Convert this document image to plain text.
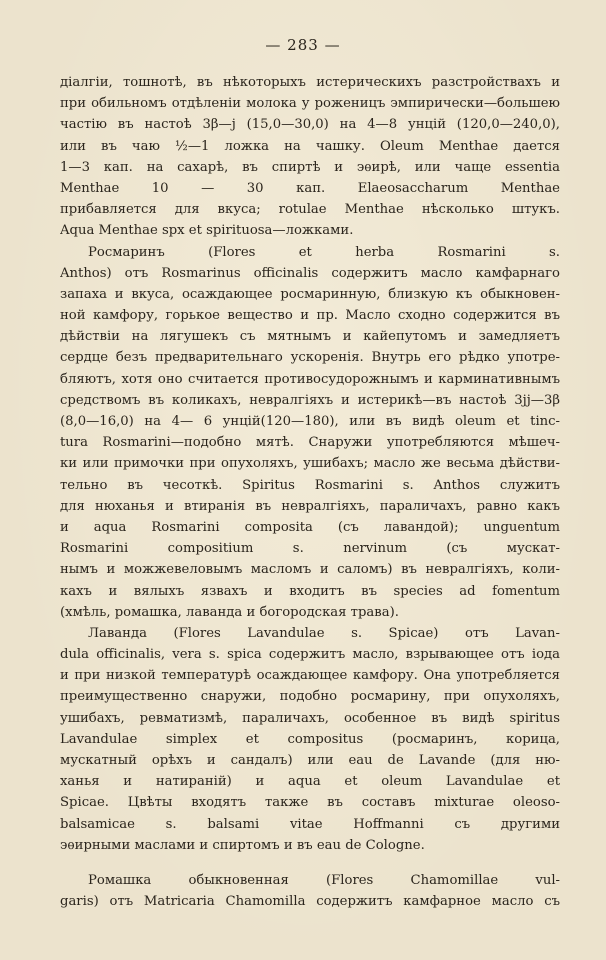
— 283 —

діалгіи, тошнотѣ, въ нѣкоторыхъ истерическихъ разстройствахъ и
при обильномъ отдѣленіи молока у роженицъ эмпирически—большею
частію въ настоѣ 3β—j (15,0—30,0) на 4—8 унцій (120,0—240,0),
или въ чаю ½—1 ложка на чашку. Oleum Menthae дается
1—3 кап. на сахарѣ, въ спиртѣ и эѳирѣ, или чаще essentia
Menthae 10 — 30 кап. Elaeosaccharum Menthae
прибавляется для вкуса; rotulae Menthae нѣсколько штукъ.
Aqua Menthae spx et spirituosa—ложками.

Росмаринъ (Flores et herba Rosmarini s.
Anthos) отъ Rosmarinus officinalis содержитъ масло камфарнаго
запаха и вкуса, осаждающее росмаринную, близкую къ обыкновен-
ной камфору, горькое вещество и пр. Масло сходно содержится въ
дѣйствіи на лягушекъ съ мятнымъ и кайепутомъ и замедляетъ
сердце безъ предварительнаго ускоренія. Внутрь его рѣдко употре-
бляютъ, хотя оно считается противосудорожнымъ и карминативнымъ
средствомъ въ коликахъ, невралгіяхъ и истерикѣ—въ настоѣ 3jj—3β
(8,0—16,0) на 4— 6 унцій(120—180), или въ видѣ oleum et tinc-
tura Rosmarini—подобно мятѣ. Снаружи употребляются мѣшеч-
ки или примочки при опухоляхъ, ушибахъ; масло же весьма дѣйстви-
тельно въ чесоткѣ. Spiritus Rosmarini s. Anthos служитъ
для нюханья и втиранія въ невралгіяхъ, параличахъ, равно какъ
и aqua Rosmarini composita (съ лавандой); unguentum
Rosmarini compositium s. nervinum (съ мускат-
нымъ и можжевеловымъ масломъ и саломъ) въ невралгіяхъ, коли-
кахъ и вялыхъ язвахъ и входитъ въ species ad fomentum
(хмѣль, ромашка, лаванда и богородская трава).

Лаванда (Flores Lavandulae s. Spicae) отъ Lavan-
dula officinalis, vera s. spica содержитъ масло, взрывающее отъ іода
и при низкой температурѣ осаждающее камфору. Она употребляется
преимущественно снаружи, подобно росмарину, при опухоляхъ,
ушибахъ, ревматизмѣ, параличахъ, особенное въ видѣ spiritus
Lavandulae simplex et compositus (росмаринъ, корица,
мускатный орѣхъ и сандалъ) или eau de Lavande (для ню-
ханья и натираній) и aqua et oleum Lavandulae et
Spicae. Цвѣты входятъ также въ составъ mixturae oleoso-
balsamicae s. balsami vitae Hoffmanni съ другими
эѳирными маслами и спиртомъ и въ eau de Cologne.

Ромашка обыкновенная (Flores Chamomillae vul-
garis) отъ Matricaria Chamomilla содержитъ камфарное масло съ
